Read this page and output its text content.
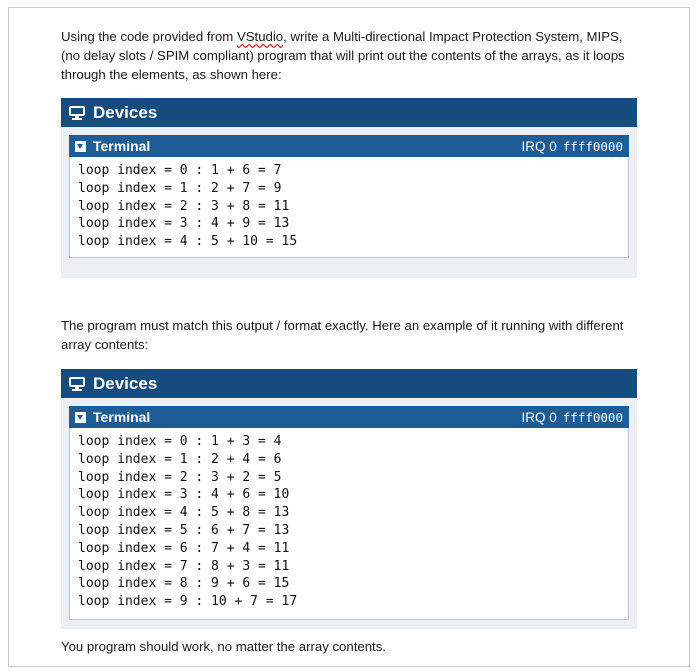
Using the code provided from VStudio, write a Multi-directional Impact Protection System, MIPS, (no delay slots / SPIM compliant) program that will print out the contents of the arrays, as it loops through the elements, as shown here:

Devices
Terminal	IRQ 0 ffff0000
loop index = 0 : 1 + 6 = 7
loop index = 1 : 2 + 7 = 9
loop index = 2 : 3 + 8 = 11
loop index = 3 : 4 + 9 = 13
loop index = 4 : 5 + 10 = 15

The program must match this output / format exactly. Here an example of it running with different array contents:

Devices
Terminal	IRQ 0 ffff0000
loop index = 0 : 1 + 3 = 4
loop index = 1 : 2 + 4 = 6
loop index = 2 : 3 + 2 = 5
loop index = 3 : 4 + 6 = 10
loop index = 4 : 5 + 8 = 13
loop index = 5 : 6 + 7 = 13
loop index = 6 : 7 + 4 = 11
loop index = 7 : 8 + 3 = 11
loop index = 8 : 9 + 6 = 15
loop index = 9 : 10 + 7 = 17

You program should work, no matter the array contents.
